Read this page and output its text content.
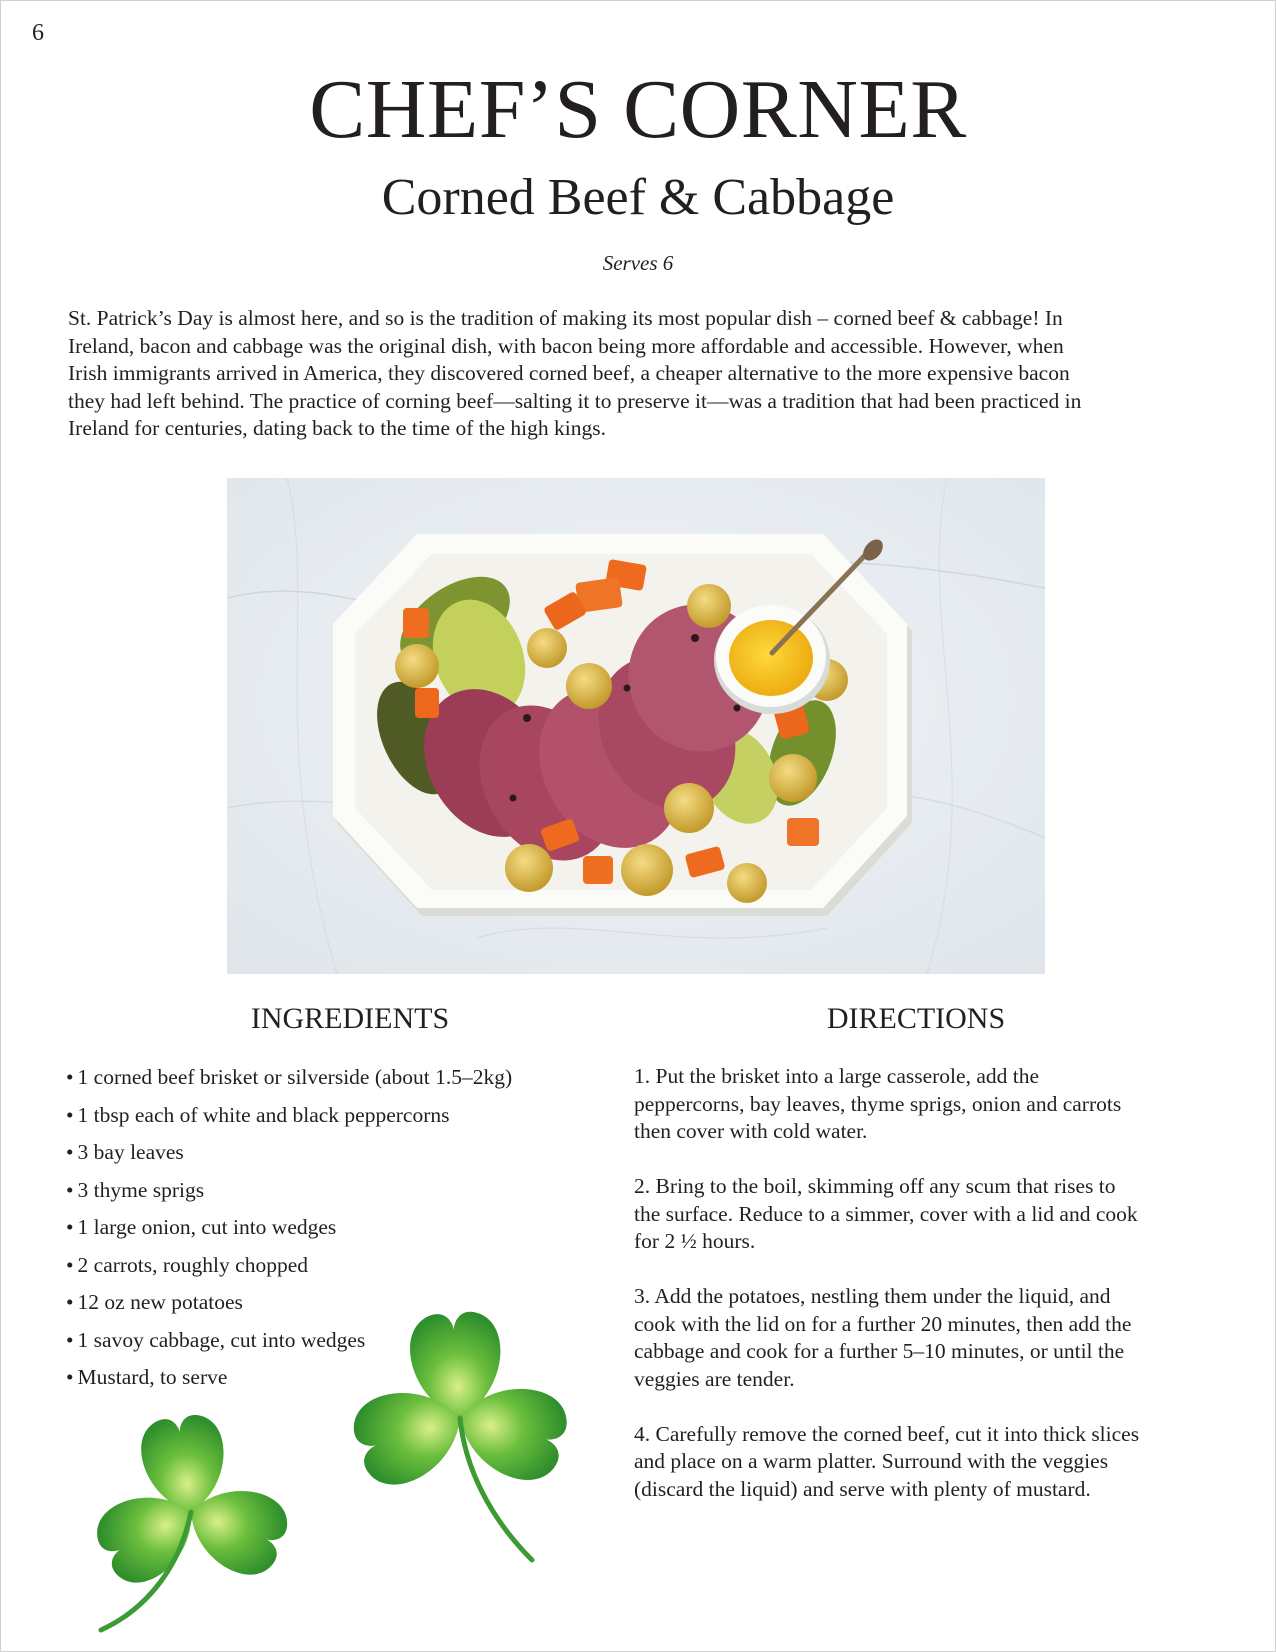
6
CHEF’S CORNER
Corned Beef & Cabbage
Serves 6

St. Patrick’s Day is almost here, and so is the tradition of making its most popular dish – corned beef & cabbage! In
Ireland, bacon and cabbage was the original dish, with bacon being more affordable and accessible. However, when
Irish immigrants arrived in America, they discovered corned beef, a cheaper alternative to the more expensive bacon
they had left behind. The practice of corning beef—salting it to preserve it—was a tradition that had been practiced in
Ireland for centuries, dating back to the time of the high kings.

INGREDIENTS	DIRECTIONS
• 1 corned beef brisket or silverside (about 1.5–2kg)
• 1 tbsp each of white and black peppercorns
• 3 bay leaves
• 3 thyme sprigs
• 1 large onion, cut into wedges
• 2 carrots, roughly chopped
• 12 oz new potatoes
• 1 savoy cabbage, cut into wedges
• Mustard, to serve

1. Put the brisket into a large casserole, add the
peppercorns, bay leaves, thyme sprigs, onion and carrots
then cover with cold water.

2. Bring to the boil, skimming off any scum that rises to
the surface. Reduce to a simmer, cover with a lid and cook
for 2 ½ hours.

3. Add the potatoes, nestling them under the liquid, and
cook with the lid on for a further 20 minutes, then add the
cabbage and cook for a further 5–10 minutes, or until the
veggies are tender.

4. Carefully remove the corned beef, cut it into thick slices
and place on a warm platter. Surround with the veggies
(discard the liquid) and serve with plenty of mustard.
